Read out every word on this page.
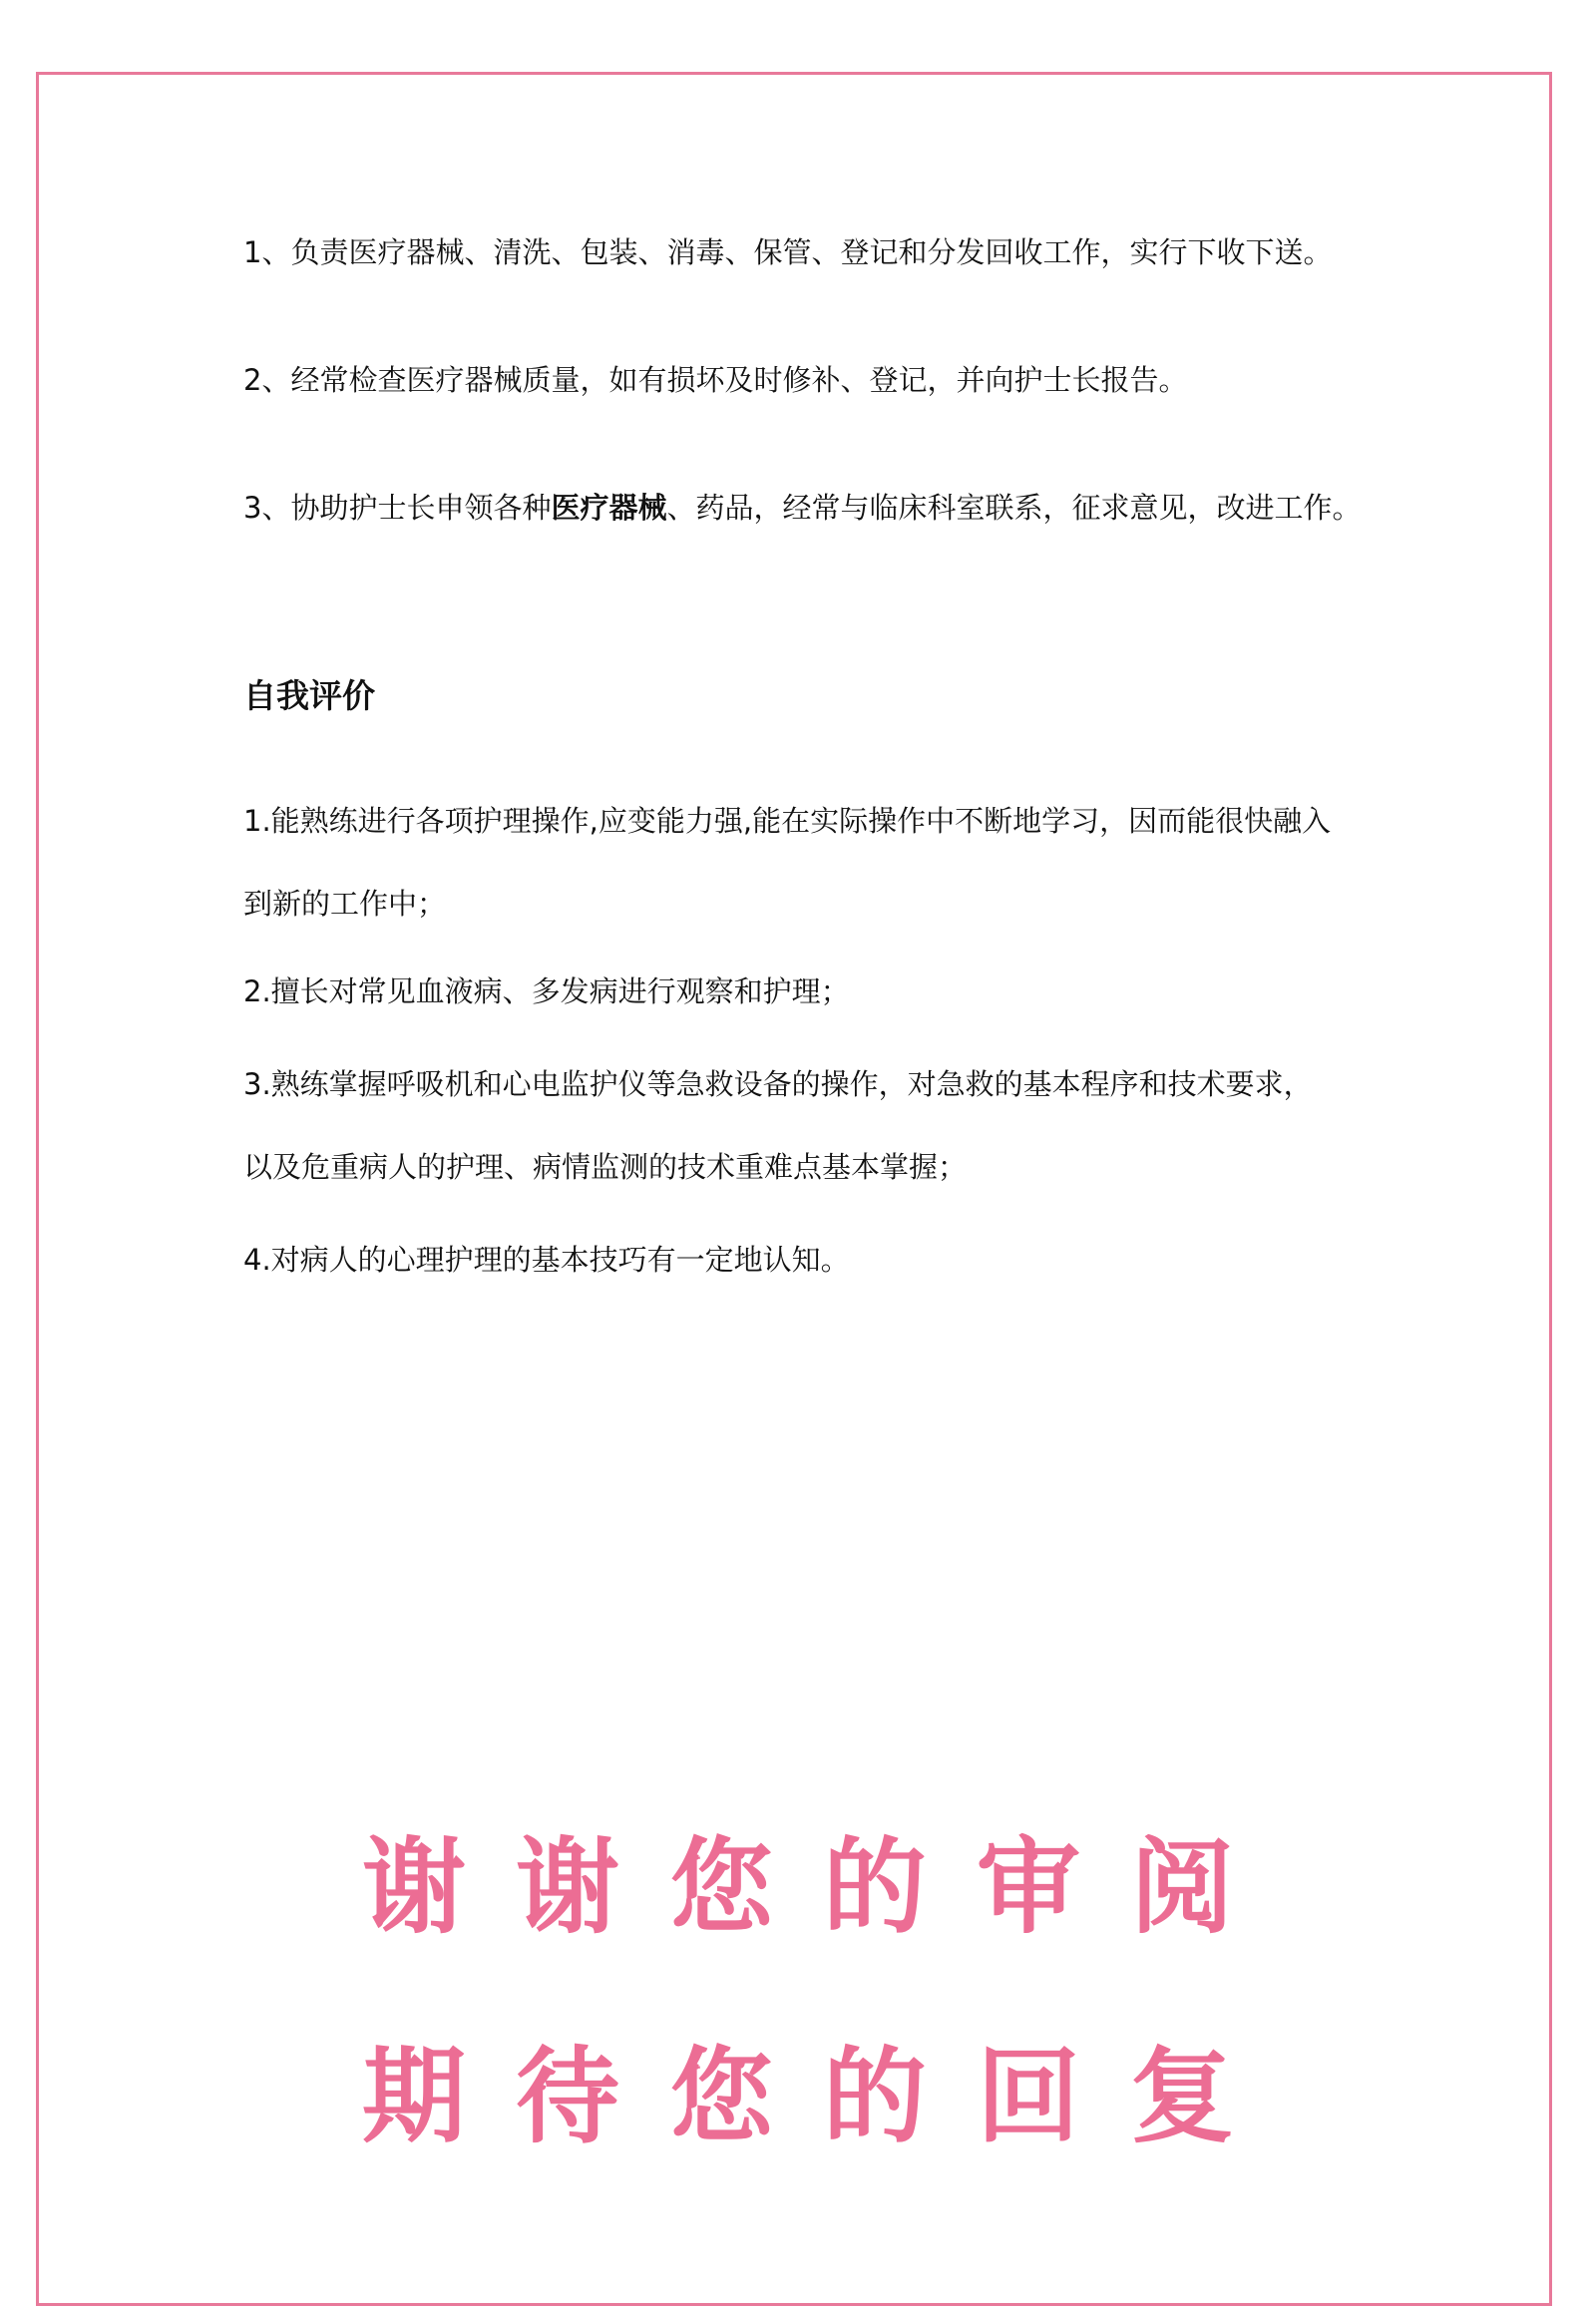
1、负责医疗器械、清洗、包装、消毒、保管、登记和分发回收工作，实行下收下送。
2、经常检查医疗器械质量，如有损坏及时修补、登记，并向护士长报告。
3、协助护士长申领各种医疗器械、药品，经常与临床科室联系，征求意见，改进工作。
自我评价
1.能熟练进行各项护理操作,应变能力强,能在实际操作中不断地学习，因而能很快融入
到新的工作中；
2.擅长对常见血液病、多发病进行观察和护理；
3.熟练掌握呼吸机和心电监护仪等急救设备的操作，对急救的基本程序和技术要求，
以及危重病人的护理、病情监测的技术重难点基本掌握；
4.对病人的心理护理的基本技巧有一定地认知。
谢谢您的审阅
期待您的回复
